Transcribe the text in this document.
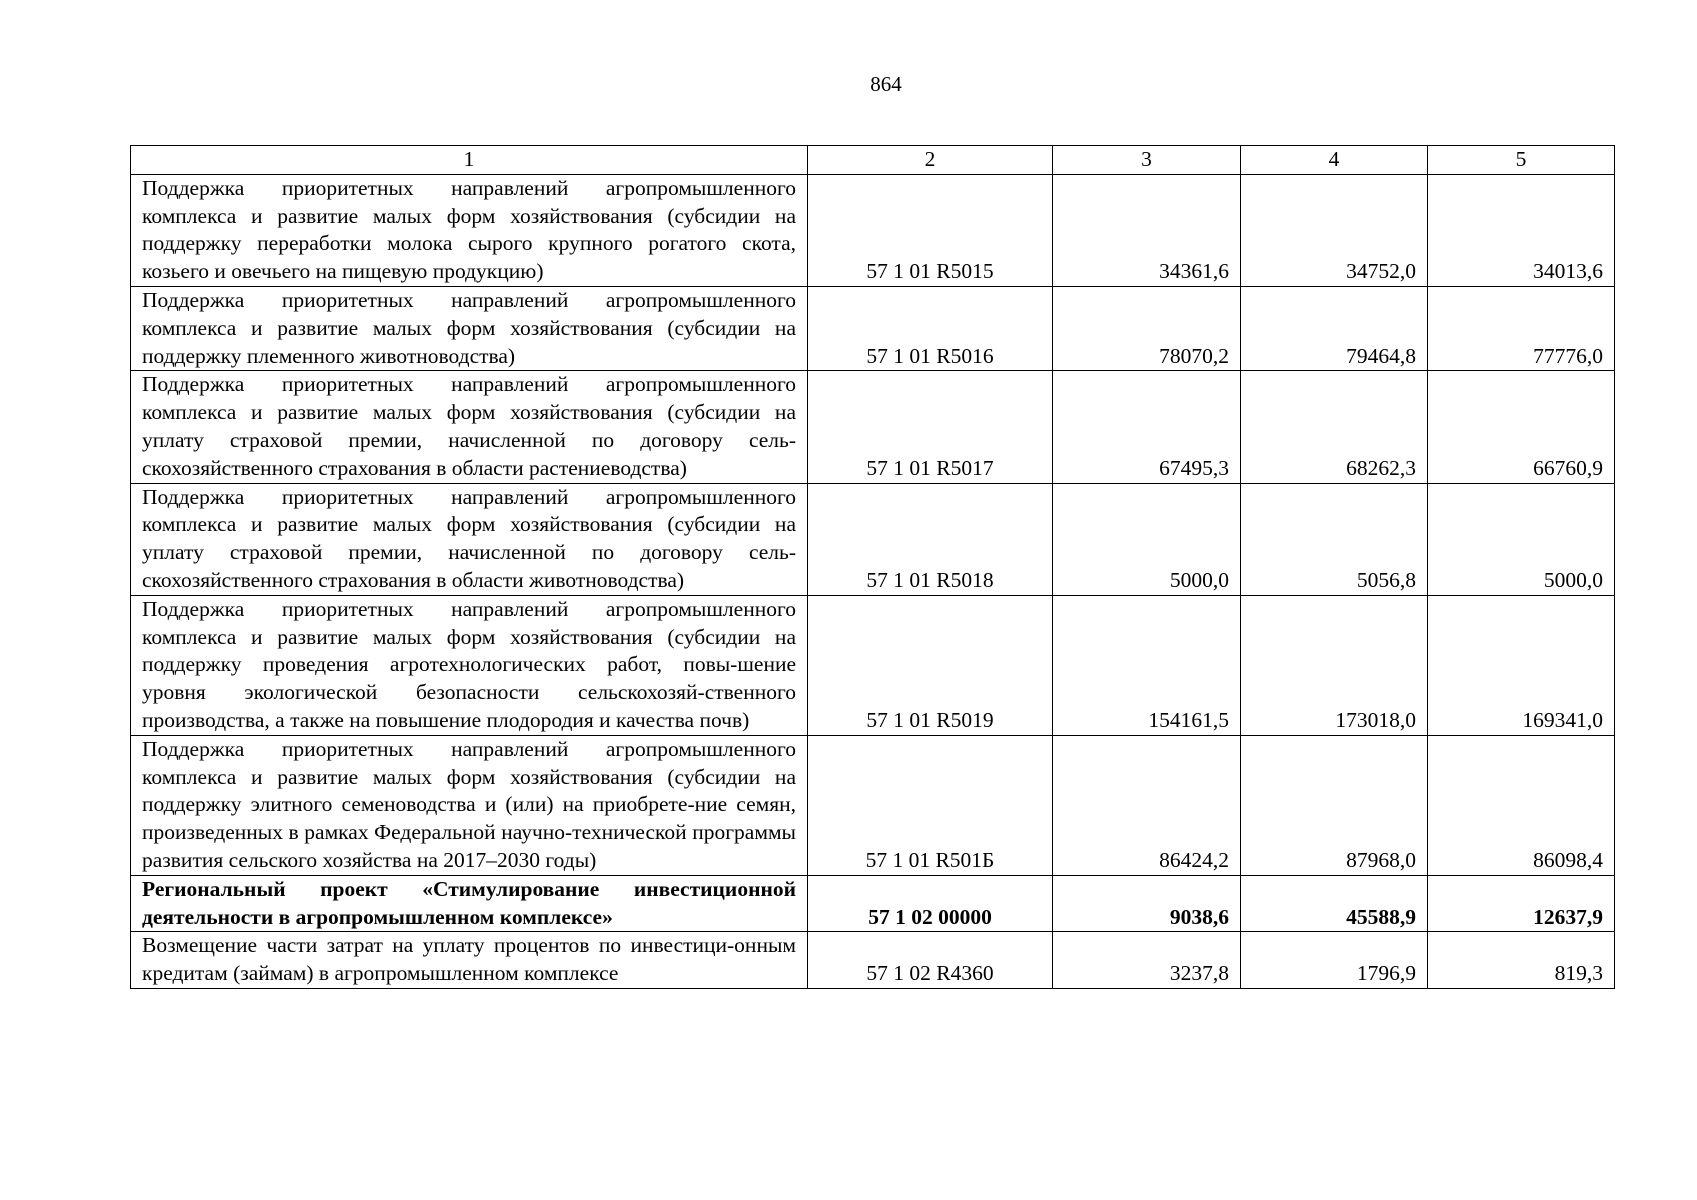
864
1	2	3	4	5
Поддержка приоритетных направлений агропромышленного комплекса и развитие малых форм хозяйствования (субсидии на поддержку переработки молока сырого крупного рогатого скота, козьего и овечьего на пищевую продукцию)	57 1 01 R5015	34361,6	34752,0	34013,6
Поддержка приоритетных направлений агропромышленного комплекса и развитие малых форм хозяйствования (субсидии на поддержку племенного животноводства)	57 1 01 R5016	78070,2	79464,8	77776,0
Поддержка приоритетных направлений агропромышленного комплекса и развитие малых форм хозяйствования (субсидии на уплату страховой премии, начисленной по договору сель-скохозяйственного страхования в области растениеводства)	57 1 01 R5017	67495,3	68262,3	66760,9
Поддержка приоритетных направлений агропромышленного комплекса и развитие малых форм хозяйствования (субсидии на уплату страховой премии, начисленной по договору сель-скохозяйственного страхования в области животноводства)	57 1 01 R5018	5000,0	5056,8	5000,0
Поддержка приоритетных направлений агропромышленного комплекса и развитие малых форм хозяйствования (субсидии на поддержку проведения агротехнологических работ, повы-шение уровня экологической безопасности сельскохозяй-ственного производства, а также на повышение плодородия и качества почв)	57 1 01 R5019	154161,5	173018,0	169341,0
Поддержка приоритетных направлений агропромышленного комплекса и развитие малых форм хозяйствования (субсидии на поддержку элитного семеноводства и (или) на приобрете-ние семян, произведенных в рамках Федеральной научно-технической программы развития сельского хозяйства на 2017–2030 годы)	57 1 01 R501Б	86424,2	87968,0	86098,4
Региональный проект «Стимулирование инвестиционной деятельности в агропромышленном комплексе»	57 1 02 00000	9038,6	45588,9	12637,9
Возмещение части затрат на уплату процентов по инвестици-онным кредитам (займам) в агропромышленном комплексе	57 1 02 R4360	3237,8	1796,9	819,3
